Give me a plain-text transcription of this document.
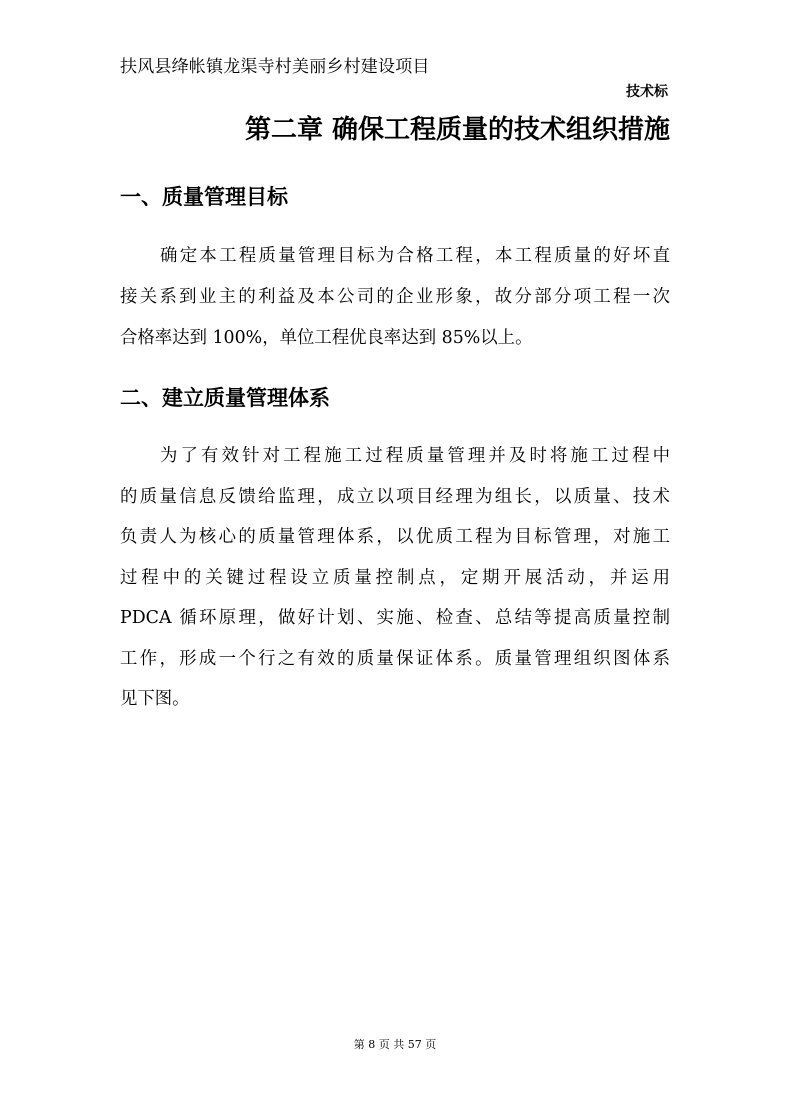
扶风县绛帐镇龙渠寺村美丽乡村建设项目
技术标
第二章 确保工程质量的技术组织措施
一、质量管理目标
确定本工程质量管理目标为合格工程，本工程质量的好坏直
接关系到业主的利益及本公司的企业形象，故分部分项工程一次
合格率达到 100%，单位工程优良率达到 85%以上。
二、建立质量管理体系
为了有效针对工程施工过程质量管理并及时将施工过程中
的质量信息反馈给监理，成立以项目经理为组长，以质量、技术
负责人为核心的质量管理体系，以优质工程为目标管理，对施工
过程中的关键过程设立质量控制点，定期开展活动，并运用
PDCA 循环原理，做好计划、实施、检查、总结等提高质量控制
工作，形成一个行之有效的质量保证体系。质量管理组织图体系
见下图。
第 8 页 共 57 页
